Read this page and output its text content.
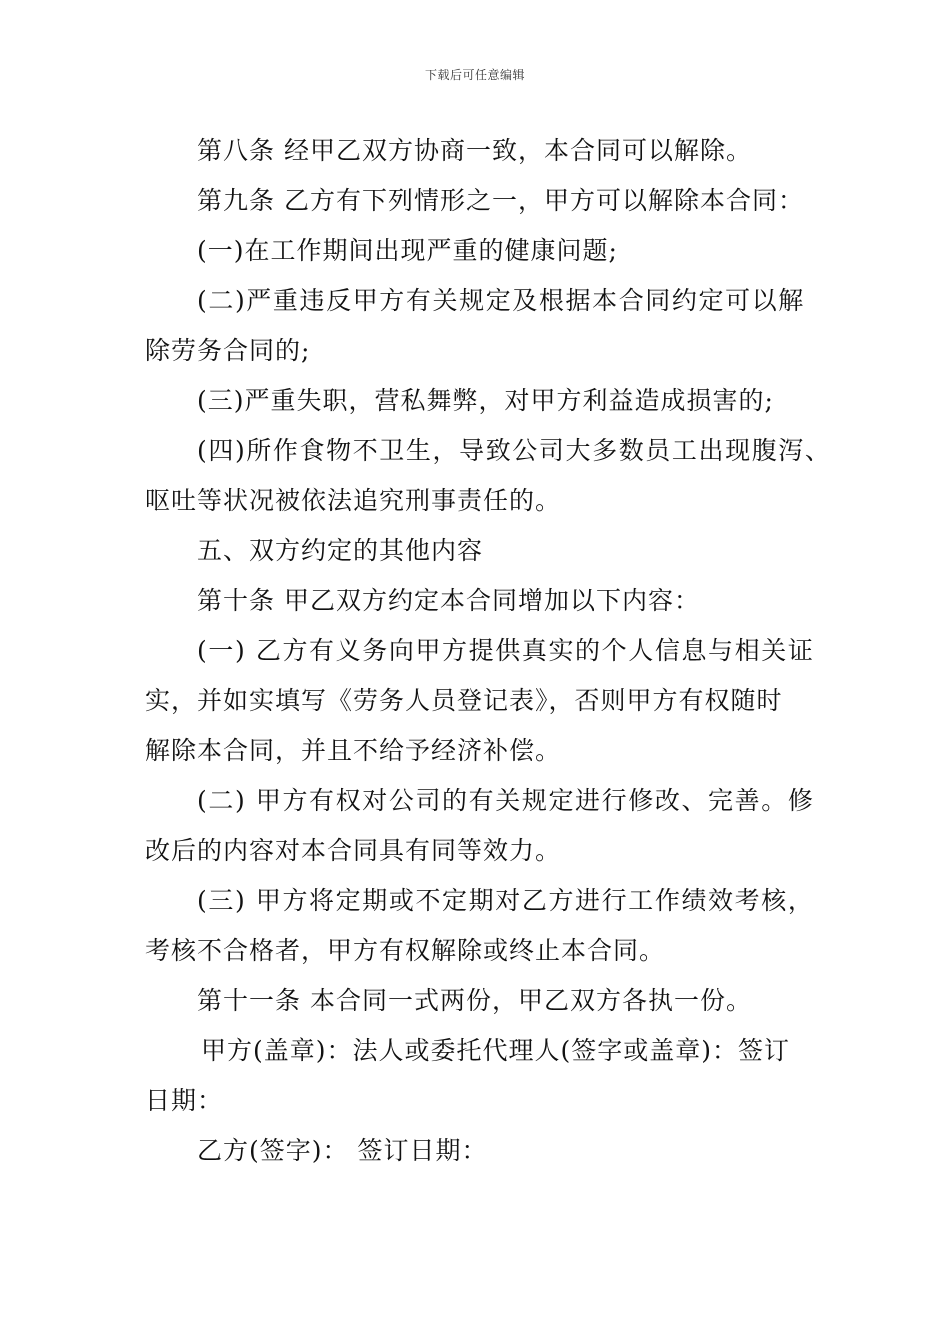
下载后可任意编辑
第八条 经甲乙双方协商一致，本合同可以解除。
第九条 乙方有下列情形之一，甲方可以解除本合同：
(一)在工作期间出现严重的健康问题;
(二)严重违反甲方有关规定及根据本合同约定可以解
除劳务合同的;
(三)严重失职，营私舞弊，对甲方利益造成损害的;
(四)所作食物不卫生，导致公司大多数员工出现腹泻、
呕吐等状况被依法追究刑事责任的。
五、双方约定的其他内容
第十条 甲乙双方约定本合同增加以下内容：
(一) 乙方有义务向甲方提供真实的个人信息与相关证
实，并如实填写《劳务人员登记表》，否则甲方有权随时
解除本合同，并且不给予经济补偿。
(二) 甲方有权对公司的有关规定进行修改、完善。修
改后的内容对本合同具有同等效力。
(三) 甲方将定期或不定期对乙方进行工作绩效考核，
考核不合格者，甲方有权解除或终止本合同。
第十一条 本合同一式两份，甲乙双方各执一份。
甲方(盖章)：法人或委托代理人(签字或盖章)：签订
日期：
乙方(签字)： 签订日期：
